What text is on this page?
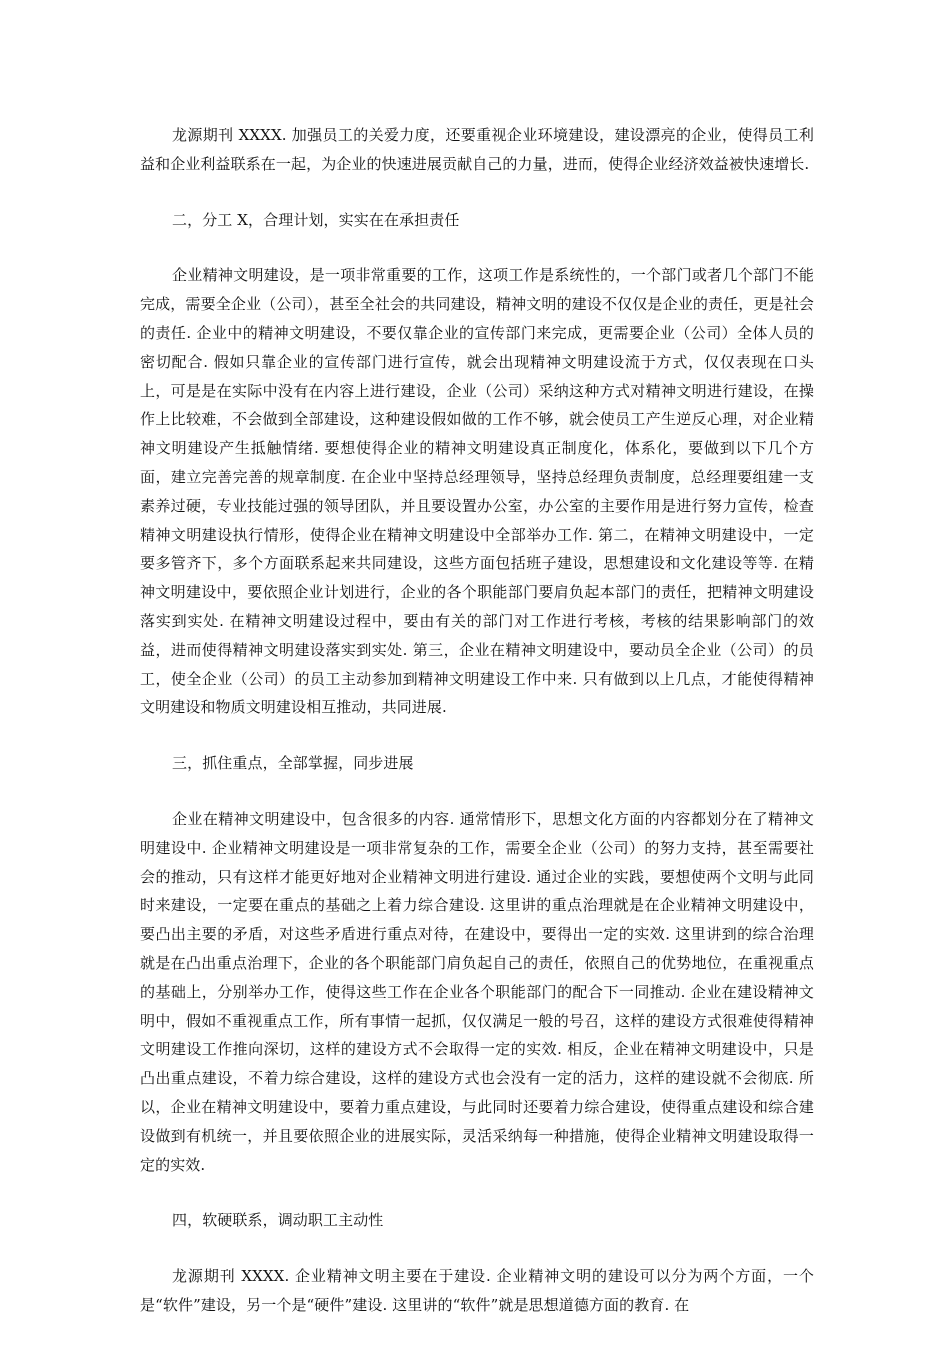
龙源期刊 XXXX. 加强员工的关爱力度，还要重视企业环境建设，建设漂亮的企业，使得员工利益和企业利益联系在一起，为企业的快速进展贡献自己的力量，进而，使得企业经济效益被快速增长.

二，分工 X，合理计划，实实在在承担责任

企业精神文明建设，是一项非常重要的工作，这项工作是系统性的，一个部门或者几个部门不能完成，需要全企业（公司），甚至全社会的共同建设，精神文明的建设不仅仅是企业的责任，更是社会的责任. 企业中的精神文明建设，不要仅靠企业的宣传部门来完成，更需要企业（公司）全体人员的密切配合. 假如只靠企业的宣传部门进行宣传，就会出现精神文明建设流于方式，仅仅表现在口头上，可是是在实际中没有在内容上进行建设，企业（公司）采纳这种方式对精神文明进行建设，在操作上比较难，不会做到全部建设，这种建设假如做的工作不够，就会使员工产生逆反心理，对企业精神文明建设产生抵触情绪. 要想使得企业的精神文明建设真正制度化，体系化，要做到以下几个方面，建立完善完善的规章制度. 在企业中坚持总经理领导，坚持总经理负责制度，总经理要组建一支素养过硬，专业技能过强的领导团队，并且要设置办公室，办公室的主要作用是进行努力宣传，检查精神文明建设执行情形，使得企业在精神文明建设中全部举办工作. 第二，在精神文明建设中，一定要多管齐下，多个方面联系起来共同建设，这些方面包括班子建设，思想建设和文化建设等等. 在精神文明建设中，要依照企业计划进行，企业的各个职能部门要肩负起本部门的责任，把精神文明建设落实到实处. 在精神文明建设过程中，要由有关的部门对工作进行考核，考核的结果影响部门的效益，进而使得精神文明建设落实到实处. 第三，企业在精神文明建设中，要动员全企业（公司）的员工，使全企业（公司）的员工主动参加到精神文明建设工作中来. 只有做到以上几点，才能使得精神文明建设和物质文明建设相互推动，共同进展.

三，抓住重点，全部掌握，同步进展

企业在精神文明建设中，包含很多的内容. 通常情形下，思想文化方面的内容都划分在了精神文明建设中. 企业精神文明建设是一项非常复杂的工作，需要全企业（公司）的努力支持，甚至需要社会的推动，只有这样才能更好地对企业精神文明进行建设. 通过企业的实践，要想使两个文明与此同时来建设，一定要在重点的基础之上着力综合建设. 这里讲的重点治理就是在企业精神文明建设中，要凸出主要的矛盾，对这些矛盾进行重点对待，在建设中，要得出一定的实效. 这里讲到的综合治理就是在凸出重点治理下，企业的各个职能部门肩负起自己的责任，依照自己的优势地位，在重视重点的基础上，分别举办工作，使得这些工作在企业各个职能部门的配合下一同推动. 企业在建设精神文明中，假如不重视重点工作，所有事情一起抓，仅仅满足一般的号召，这样的建设方式很难使得精神文明建设工作推向深切，这样的建设方式不会取得一定的实效. 相反，企业在精神文明建设中，只是凸出重点建设，不着力综合建设，这样的建设方式也会没有一定的活力，这样的建设就不会彻底. 所以，企业在精神文明建设中，要着力重点建设，与此同时还要着力综合建设，使得重点建设和综合建设做到有机统一，并且要依照企业的进展实际，灵活采纳每一种措施，使得企业精神文明建设取得一定的实效.

四，软硬联系，调动职工主动性

龙源期刊 XXXX. 企业精神文明主要在于建设. 企业精神文明的建设可以分为两个方面，一个是“软件”建设，另一个是“硬件”建设. 这里讲的“软件”就是思想道德方面的教育. 在
